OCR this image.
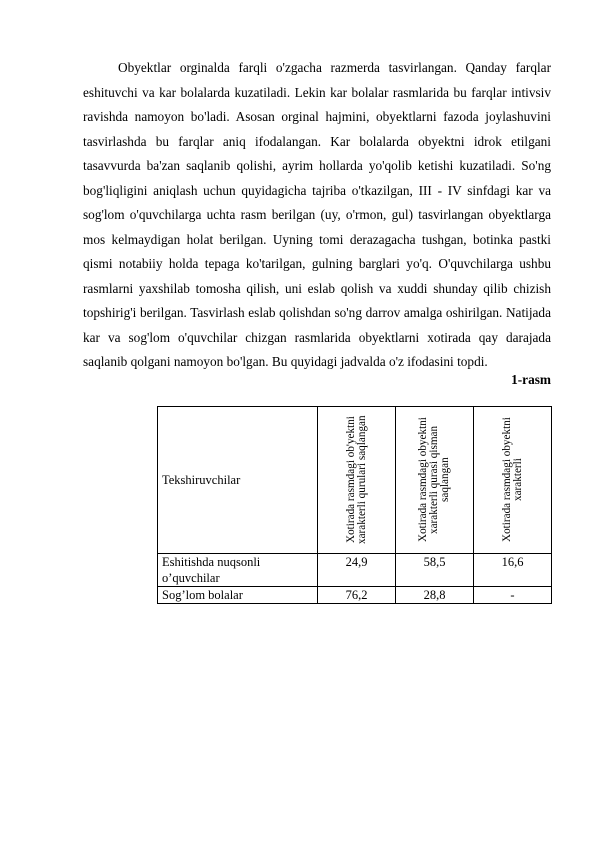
Obyektlar orginalda farqli o'zgacha razmerda tasvirlangan. Qanday farqlar eshituvchi va kar bolalarda kuzatiladi. Lekin kar bolalar rasmlarida bu farqlar intivsiv ravishda namoyon bo'ladi. Asosan orginal hajmini, obyektlarni fazoda joylashuvini tasvirlashda bu farqlar aniq ifodalangan. Kar bolalarda obyektni idrok etilgani tasavvurda ba'zan saqlanib qolishi, ayrim hollarda yo'qolib ketishi kuzatiladi. So'ng bog'liqligini aniqlash uchun quyidagicha tajriba o'tkazilgan, III - IV sinfdagi kar va sog'lom o'quvchilarga uchta rasm berilgan (uy, o'rmon, gul) tasvirlangan obyektlarga mos kelmaydigan holat berilgan. Uyning tomi derazagacha tushgan, botinka pastki qismi notabiiy holda tepaga ko'tarilgan, gulning barglari yo'q. O'quvchilarga ushbu rasmlarni yaxshilab tomosha qilish, uni eslab qolish va xuddi shunday qilib chizish topshirig'i berilgan. Tasvirlash eslab qolishdan so'ng darrov amalga oshirilgan. Natijada kar va sog'lom o'quvchilar chizgan rasmlarida obyektlarni xotirada qay darajada saqlanib qolgani namoyon bo'lgan. Bu quyidagi jadvalda o'z ifodasini topdi.

1-rasm
Tekshiruvchilar	Xotirada rasmdagi ob'yektni xarakterli qurulari saqlangan	Xotirada rasmdagi obyektni xarakterli qurasi qisman saqlangan	Xotirada rasmdagi obyektni xarakterli

Eshitishda nuqsonli o’quvchilar	24,9	58,5	16,6
Sog’lom bolalar	76,2	28,8	-
